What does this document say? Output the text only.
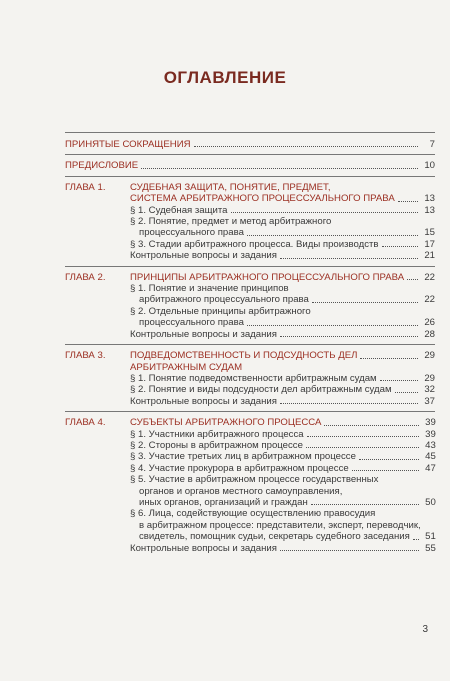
ОГЛАВЛЕНИЕ
ПРИНЯТЫЕ СОКРАЩЕНИЯ	7
ПРЕДИСЛОВИЕ	10
ГЛАВА 1.	СУДЕБНАЯ ЗАЩИТА, ПОНЯТИЕ, ПРЕДМЕТ,
СИСТЕМА АРБИТРАЖНОГО ПРОЦЕССУАЛЬНОГО ПРАВА	13
§ 1. Судебная защита	13
§ 2. Понятие, предмет и метод арбитражного
процессуального права	15
§ 3. Стадии арбитражного процесса. Виды производств	17
Контрольные вопросы и задания	21
ГЛАВА 2.	ПРИНЦИПЫ АРБИТРАЖНОГО ПРОЦЕССУАЛЬНОГО ПРАВА	22
§ 1. Понятие и значение принципов
арбитражного процессуального права	22
§ 2. Отдельные принципы арбитражного
процессуального права	26
Контрольные вопросы и задания	28
ГЛАВА 3.	ПОДВЕДОМСТВЕННОСТЬ И ПОДСУДНОСТЬ ДЕЛ	29
АРБИТРАЖНЫМ СУДАМ
§ 1. Понятие подведомственности арбитражным судам	29
§ 2. Понятие и виды подсудности дел арбитражным судам	32
Контрольные вопросы и задания	37
ГЛАВА 4.	СУБЪЕКТЫ АРБИТРАЖНОГО ПРОЦЕССА	39
§ 1. Участники арбитражного процесса	39
§ 2. Стороны в арбитражном процессе	43
§ 3. Участие третьих лиц в арбитражном процессе	45
§ 4. Участие прокурора в арбитражном процессе	47
§ 5. Участие в арбитражном процессе государственных
органов и органов местного самоуправления,
иных органов, организаций и граждан	50
§ 6. Лица, содействующие осуществлению правосудия
в арбитражном процессе: представители, эксперт, переводчик,
свидетель, помощник судьи, секретарь судебного заседания	51
Контрольные вопросы и задания	55
3
